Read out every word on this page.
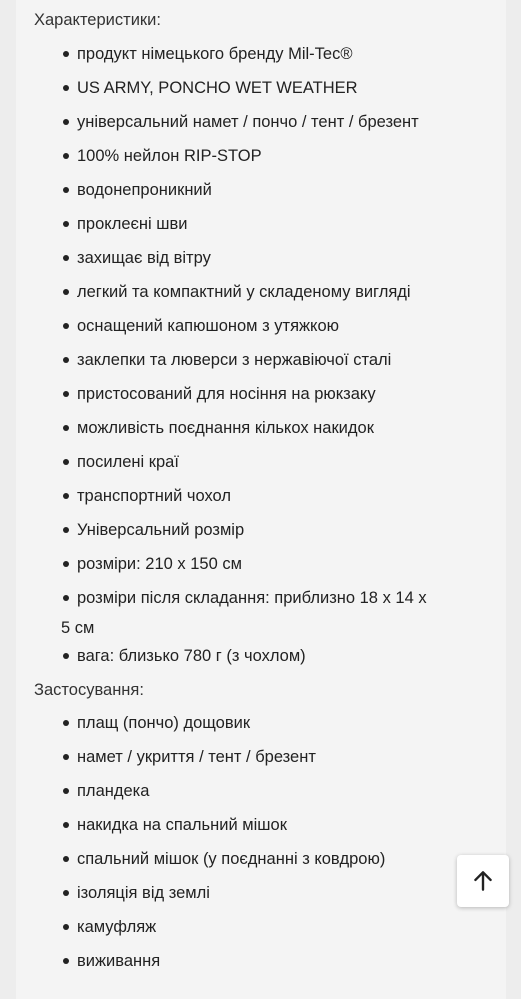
Характеристики:
продукт німецького бренду Mil-Tec®
US ARMY, PONCHO WET WEATHER
універсальний намет / пончо / тент / брезент
100% нейлон RIP-STOP
водонепроникний
проклеєні шви
захищає від вітру
легкий та компактний у складеному вигляді
оснащений капюшоном з утяжкою
заклепки та люверси з нержавіючої сталі
пристосований для носіння на рюкзаку
можливість поєднання кількох накидок
посилені краї
транспортний чохол
Універсальний розмір
розміри: 210 x 150 см
розміри після складання: приблизно 18 x 14 x
5 см
вага: близько 780 г (з чохлом)
Застосування:
плащ (пончо) дощовик
намет / укриття / тент / брезент
пландека
накидка на спальний мішок
спальний мішок (у поєднанні з ковдрою)
ізоляція від землі
камуфляж
виживання
